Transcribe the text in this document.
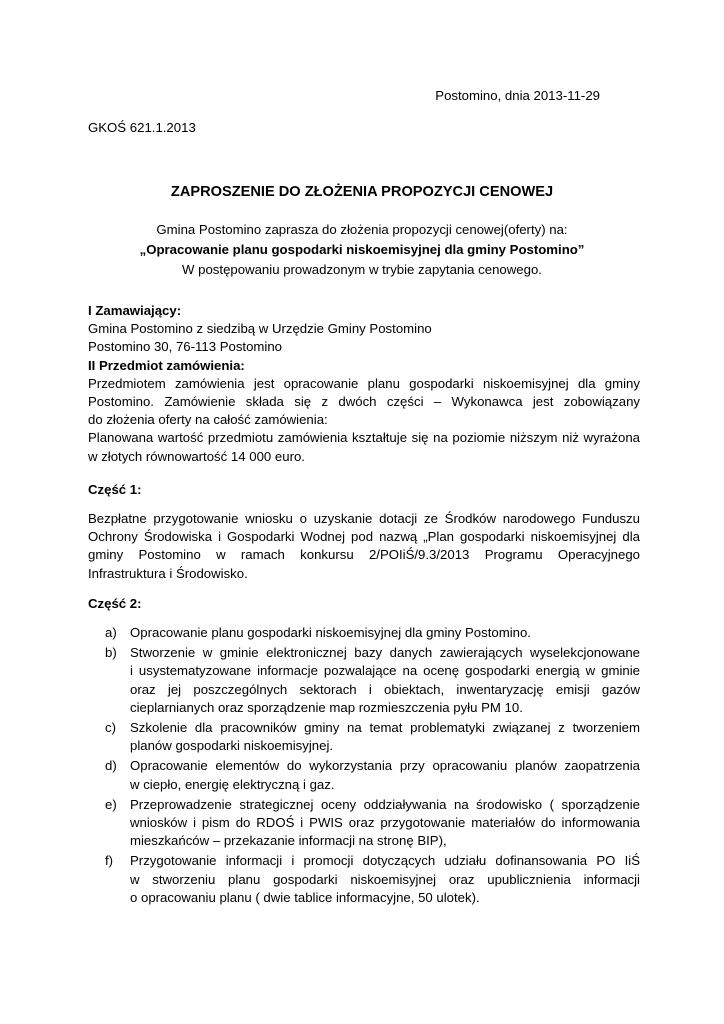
Postomino, dnia 2013-11-29
GKOŚ 621.1.2013
ZAPROSZENIE DO ZŁOŻENIA PROPOZYCJI CENOWEJ
Gmina Postomino zaprasza do złożenia propozycji cenowej(oferty) na:
„Opracowanie planu gospodarki niskoemisyjnej dla gminy Postomino”
W postępowaniu prowadzonym w trybie zapytania cenowego.

I Zamawiający:

Gmina Postomino z siedzibą w Urzędzie Gminy Postomino

Postomino 30, 76-113 Postomino

II Przedmiot zamówienia:

Przedmiotem zamówienia jest opracowanie planu gospodarki niskoemisyjnej dla gminy

Postomino. Zamówienie składa się z dwóch części – Wykonawca jest zobowiązany

do złożenia oferty na całość zamówienia:

Planowana wartość przedmiotu zamówienia kształtuje się na poziomie niższym niż wyrażona

w złotych równowartość 14 000 euro.

Część 1:

Bezpłatne przygotowanie wniosku o uzyskanie dotacji ze Środków narodowego Funduszu

Ochrony Środowiska i Gospodarki Wodnej pod nazwą „Plan gospodarki niskoemisyjnej dla

gminy Postomino w ramach konkursu 2/POIiŚ/9.3/2013 Programu Operacyjnego

Infrastruktura i Środowisko.

Część 2:

a) Opracowanie planu gospodarki niskoemisyjnej dla gminy Postomino.
b) Stworzenie w gminie elektronicznej bazy danych zawierających wyselekcjonowane
i usystematyzowane informacje pozwalające na ocenę gospodarki energią w gminie
oraz jej poszczególnych sektorach i obiektach, inwentaryzację emisji gazów
cieplarnianych oraz sporządzenie map rozmieszczenia pyłu PM 10.
c) Szkolenie dla pracowników gminy na temat problematyki związanej z tworzeniem
planów gospodarki niskoemisyjnej.
d) Opracowanie elementów do wykorzystania przy opracowaniu planów zaopatrzenia
w ciepło, energię elektryczną i gaz.
e) Przeprowadzenie strategicznej oceny oddziaływania na środowisko ( sporządzenie
wniosków i pism do RDOŚ i PWIS oraz przygotowanie materiałów do informowania
mieszkańców – przekazanie informacji na stronę BIP),
f) Przygotowanie informacji i promocji dotyczących udziału dofinansowania PO IiŚ
w stworzeniu planu gospodarki niskoemisyjnej oraz upublicznienia informacji
o opracowaniu planu ( dwie tablice informacyjne, 50 ulotek).
